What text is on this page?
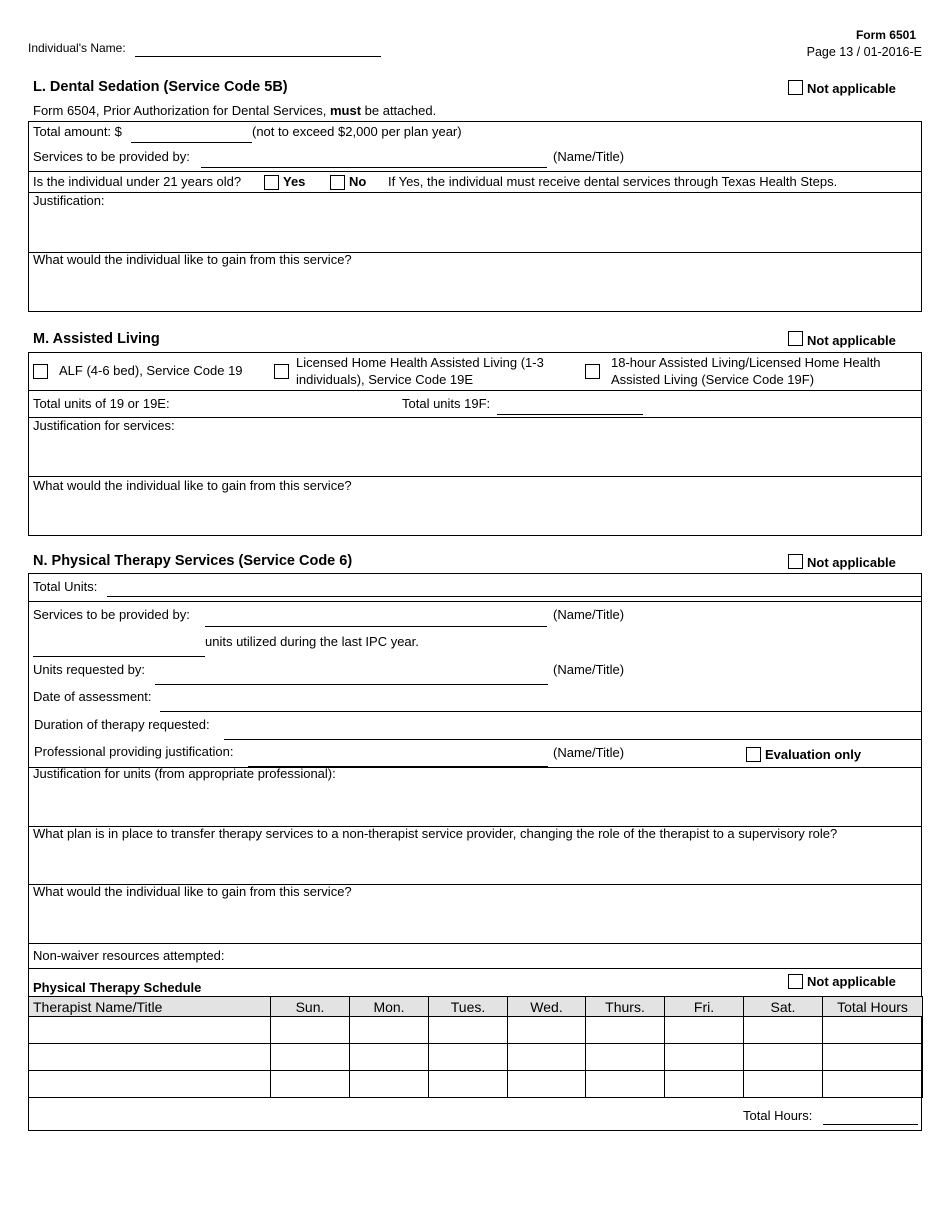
Individual's Name:
Form 6501
Page 13 / 01-2016-E
L. Dental Sedation (Service Code 5B)	Not applicable
Form 6504, Prior Authorization for Dental Services, must be attached.
Total amount: $	(not to exceed $2,000 per plan year)
Services to be provided by:	(Name/Title)
Is the individual under 21 years old?	Yes	No If Yes, the individual must receive dental services through Texas Health Steps.
Justification:
What would the individual like to gain from this service?
M. Assisted Living	Not applicable
ALF (4-6 bed), Service Code 19
Licensed Home Health Assisted Living (1-3
individuals), Service Code 19E
18-hour Assisted Living/Licensed Home Health
Assisted Living (Service Code 19F)
Total units of 19 or 19E:	Total units 19F:
Justification for services:
What would the individual like to gain from this service?
N. Physical Therapy Services (Service Code 6)	Not applicable
Total Units:
Services to be provided by:	(Name/Title)
units utilized during the last IPC year.
Units requested by:	(Name/Title)
Date of assessment:
Duration of therapy requested:
Professional providing justification:	(Name/Title)	Evaluation only
Justification for units (from appropriate professional):
What plan is in place to transfer therapy services to a non-therapist service provider, changing the role of the therapist to a supervisory role?
What would the individual like to gain from this service?
Non-waiver resources attempted:
Physical Therapy Schedule	Not applicable
Therapist Name/Title	Sun.	Mon.	Tues.	Wed.	Thurs.	Fri.	Sat.	Total Hours

Total Hours:
